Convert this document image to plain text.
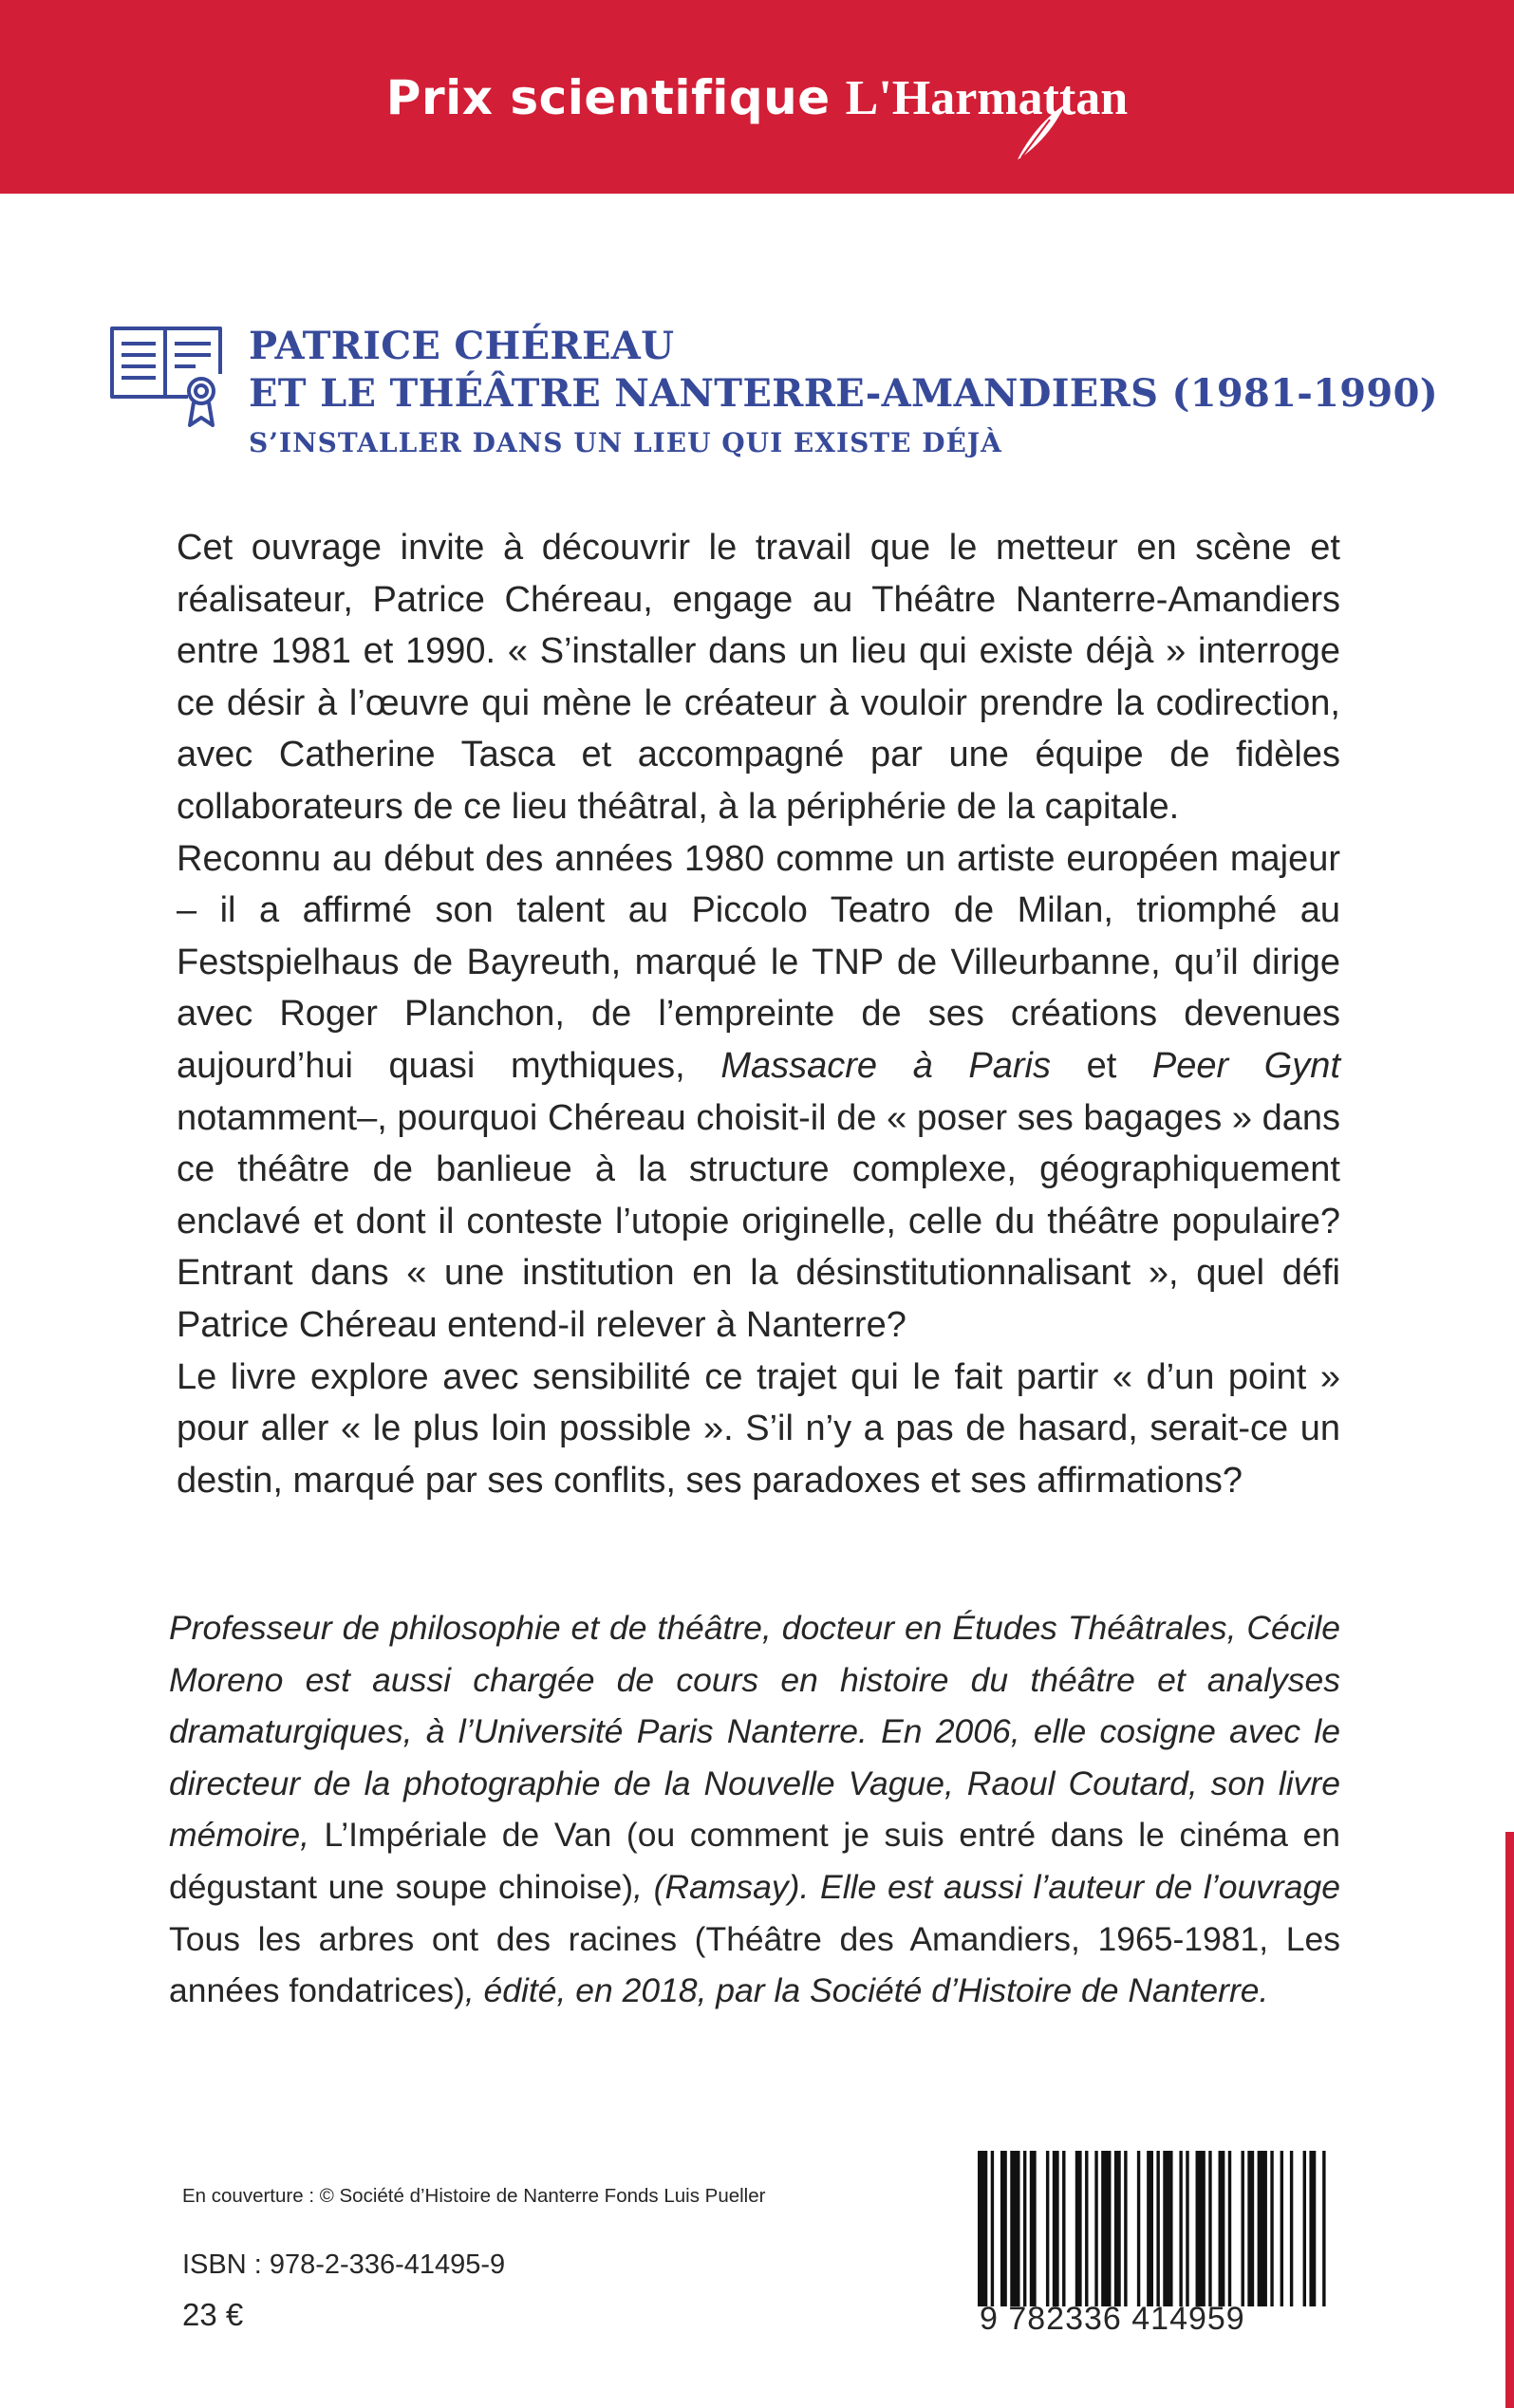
Prix scientifique L'Harmattan
PATRICE CHÉREAU
ET LE THÉÂTRE NANTERRE-AMANDIERS (1981-1990)
S’INSTALLER DANS UN LIEU QUI EXISTE DÉJÀ

Cet ouvrage invite à découvrir le travail que le metteur en scène et réalisateur, Patrice Chéreau, engage au Théâtre Nanterre-Amandiers entre 1981 et 1990. « S’installer dans un lieu qui existe déjà » interroge ce désir à l’œuvre qui mène le créateur à vouloir prendre la codirection, avec Catherine Tasca et accompagné par une équipe de fidèles collaborateurs de ce lieu théâtral, à la périphérie de la capitale.

Reconnu au début des années 1980 comme un artiste européen majeur – il a affirmé son talent au Piccolo Teatro de Milan, triomphé au Festspielhaus de Bayreuth, marqué le TNP de Villeurbanne, qu’il dirige avec Roger Planchon, de l’empreinte de ses créations devenues aujourd’hui quasi mythiques, Massacre à Paris et Peer Gynt notamment–, pourquoi Chéreau choisit-il de « poser ses bagages » dans ce théâtre de banlieue à la structure complexe, géographiquement enclavé et dont il conteste l’utopie originelle, celle du théâtre populaire? Entrant dans « une institution en la désinstitutionnalisant », quel défi Patrice Chéreau entend-il relever à Nanterre?

Le livre explore avec sensibilité ce trajet qui le fait partir « d’un point » pour aller « le plus loin possible ». S’il n’y a pas de hasard, serait-ce un destin, marqué par ses conflits, ses paradoxes et ses affirmations?

Professeur de philosophie et de théâtre, docteur en Études Théâtrales, Cécile Moreno est aussi chargée de cours en histoire du théâtre et analyses dramaturgiques, à l’Université Paris Nanterre. En 2006, elle cosigne avec le directeur de la photographie de la Nouvelle Vague, Raoul Coutard, son livre mémoire, L’Impériale de Van (ou comment je suis entré dans le cinéma en dégustant une soupe chinoise), (Ramsay). Elle est aussi l’auteur de l’ouvrage Tous les arbres ont des racines (Théâtre des Amandiers, 1965-1981, Les années fondatrices), édité, en 2018, par la Société d’Histoire de Nanterre.
En couverture : © Société d’Histoire de Nanterre Fonds Luis Pueller
ISBN : 978-2-336-41495-9
23 €	9 782336 414959
